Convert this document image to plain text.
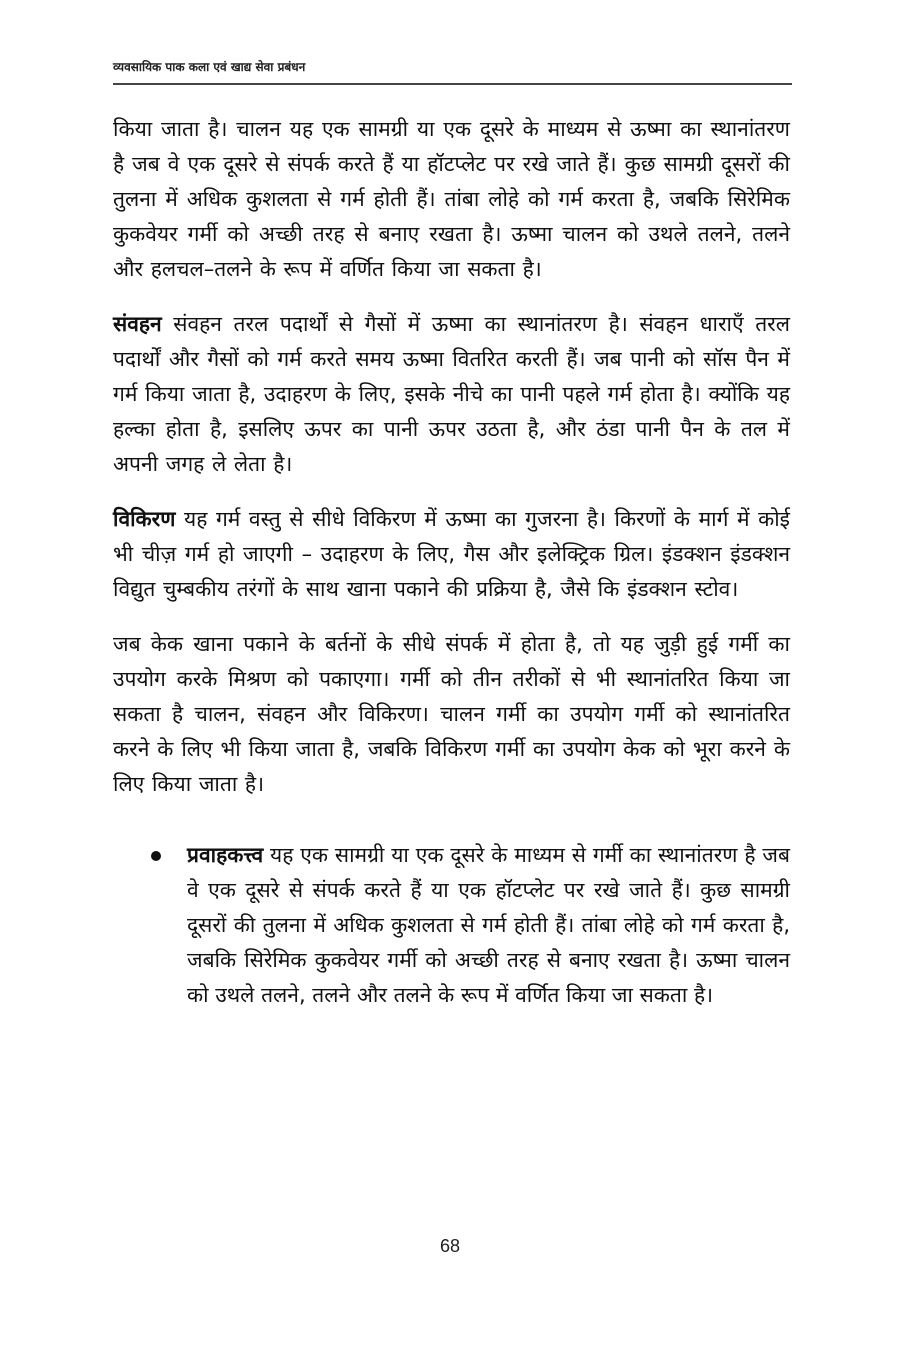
व्यवसायिक पाक कला एवं खाद्य सेवा प्रबंधन

किया जाता है। चालन यह एक सामग्री या एक दूसरे के माध्यम से ऊष्मा का स्थानांतरण है जब वे एक दूसरे से संपर्क करते हैं या हॉटप्लेट पर रखे जाते हैं। कुछ सामग्री दूसरों की तुलना में अधिक कुशलता से गर्म होती हैं। तांबा लोहे को गर्म करता है, जबकि सिरेमिक कुकवेयर गर्मी को अच्छी तरह से बनाए रखता है। ऊष्मा चालन को उथले तलने, तलने और हलचल–तलने के रूप में वर्णित किया जा सकता है।

संवहन संवहन तरल पदार्थों से गैसों में ऊष्मा का स्थानांतरण है। संवहन धाराएँ तरल पदार्थों और गैसों को गर्म करते समय ऊष्मा वितरित करती हैं। जब पानी को सॉस पैन में गर्म किया जाता है, उदाहरण के लिए, इसके नीचे का पानी पहले गर्म होता है। क्योंकि यह हल्का होता है, इसलिए ऊपर का पानी ऊपर उठता है, और ठंडा पानी पैन के तल में अपनी जगह ले लेता है।

विकिरण यह गर्म वस्तु से सीधे विकिरण में ऊष्मा का गुजरना है। किरणों के मार्ग में कोई भी चीज़ गर्म हो जाएगी – उदाहरण के लिए, गैस और इलेक्ट्रिक ग्रिल। इंडक्शन इंडक्शन विद्युत चुम्बकीय तरंगों के साथ खाना पकाने की प्रक्रिया है, जैसे कि इंडक्शन स्टोव।

जब केक खाना पकाने के बर्तनों के सीधे संपर्क में होता है, तो यह जुड़ी हुई गर्मी का उपयोग करके मिश्रण को पकाएगा। गर्मी को तीन तरीकों से भी स्थानांतरित किया जा सकता है चालन, संवहन और विकिरण। चालन गर्मी का उपयोग गर्मी को स्थानांतरित करने के लिए भी किया जाता है, जबकि विकिरण गर्मी का उपयोग केक को भूरा करने के लिए किया जाता है।

प्रवाहकत्त्व यह एक सामग्री या एक दूसरे के माध्यम से गर्मी का स्थानांतरण है जब वे एक दूसरे से संपर्क करते हैं या एक हॉटप्लेट पर रखे जाते हैं। कुछ सामग्री दूसरों की तुलना में अधिक कुशलता से गर्म होती हैं। तांबा लोहे को गर्म करता है, जबकि सिरेमिक कुकवेयर गर्मी को अच्छी तरह से बनाए रखता है। ऊष्मा चालन को उथले तलने, तलने और तलने के रूप में वर्णित किया जा सकता है।
68
